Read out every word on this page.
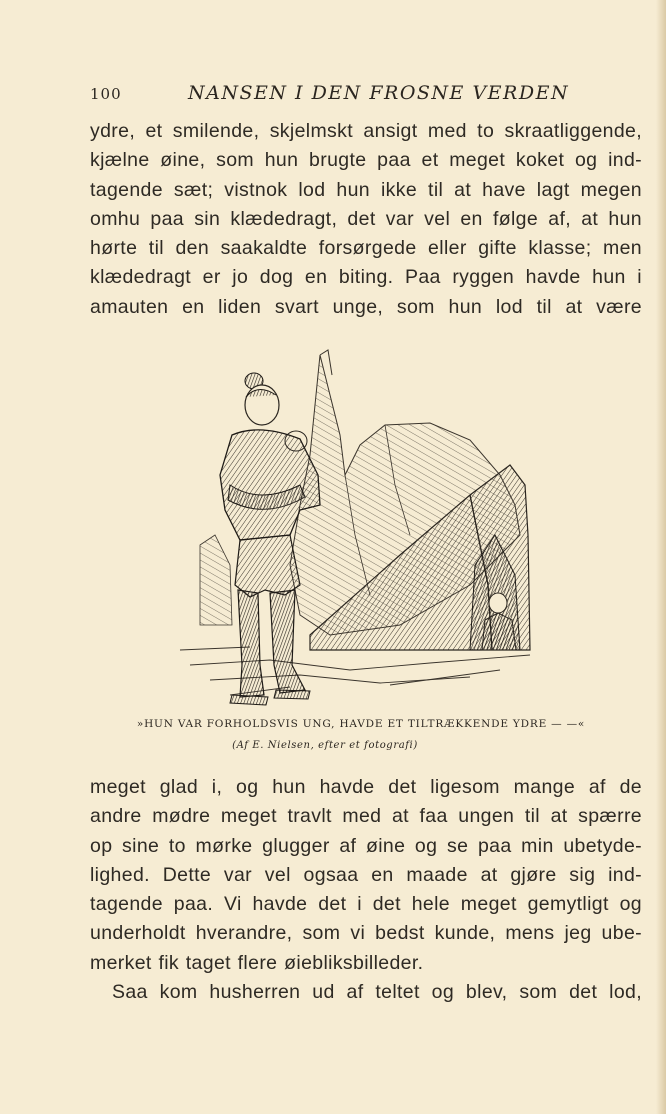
100	NANSEN I DEN FROSNE VERDEN
ydre, et smilende, skjelmskt ansigt med to skraatliggende,
kjælne øine, som hun brugte paa et meget koket og ind-
tagende sæt; vistnok lod hun ikke til at have lagt megen
omhu paa sin klædedragt, det var vel en følge af, at hun
hørte til den saakaldte forsørgede eller gifte klasse; men
klædedragt er jo dog en biting. Paa ryggen havde hun i
amauten en liden svart unge, som hun lod til at være
»HUN VAR FORHOLDSVIS UNG, HAVDE ET TILTRÆKKENDE YDRE — —«
(Af E. Nielsen, efter et fotografi)
meget glad i, og hun havde det ligesom mange af de
andre mødre meget travlt med at faa ungen til at spærre
op sine to mørke glugger af øine og se paa min ubetyde-
lighed. Dette var vel ogsaa en maade at gjøre sig ind-
tagende paa. Vi havde det i det hele meget gemytligt og
underholdt hverandre, som vi bedst kunde, mens jeg ube-
merket fik taget flere øiebliksbilleder.
Saa kom husherren ud af teltet og blev, som det lod,
